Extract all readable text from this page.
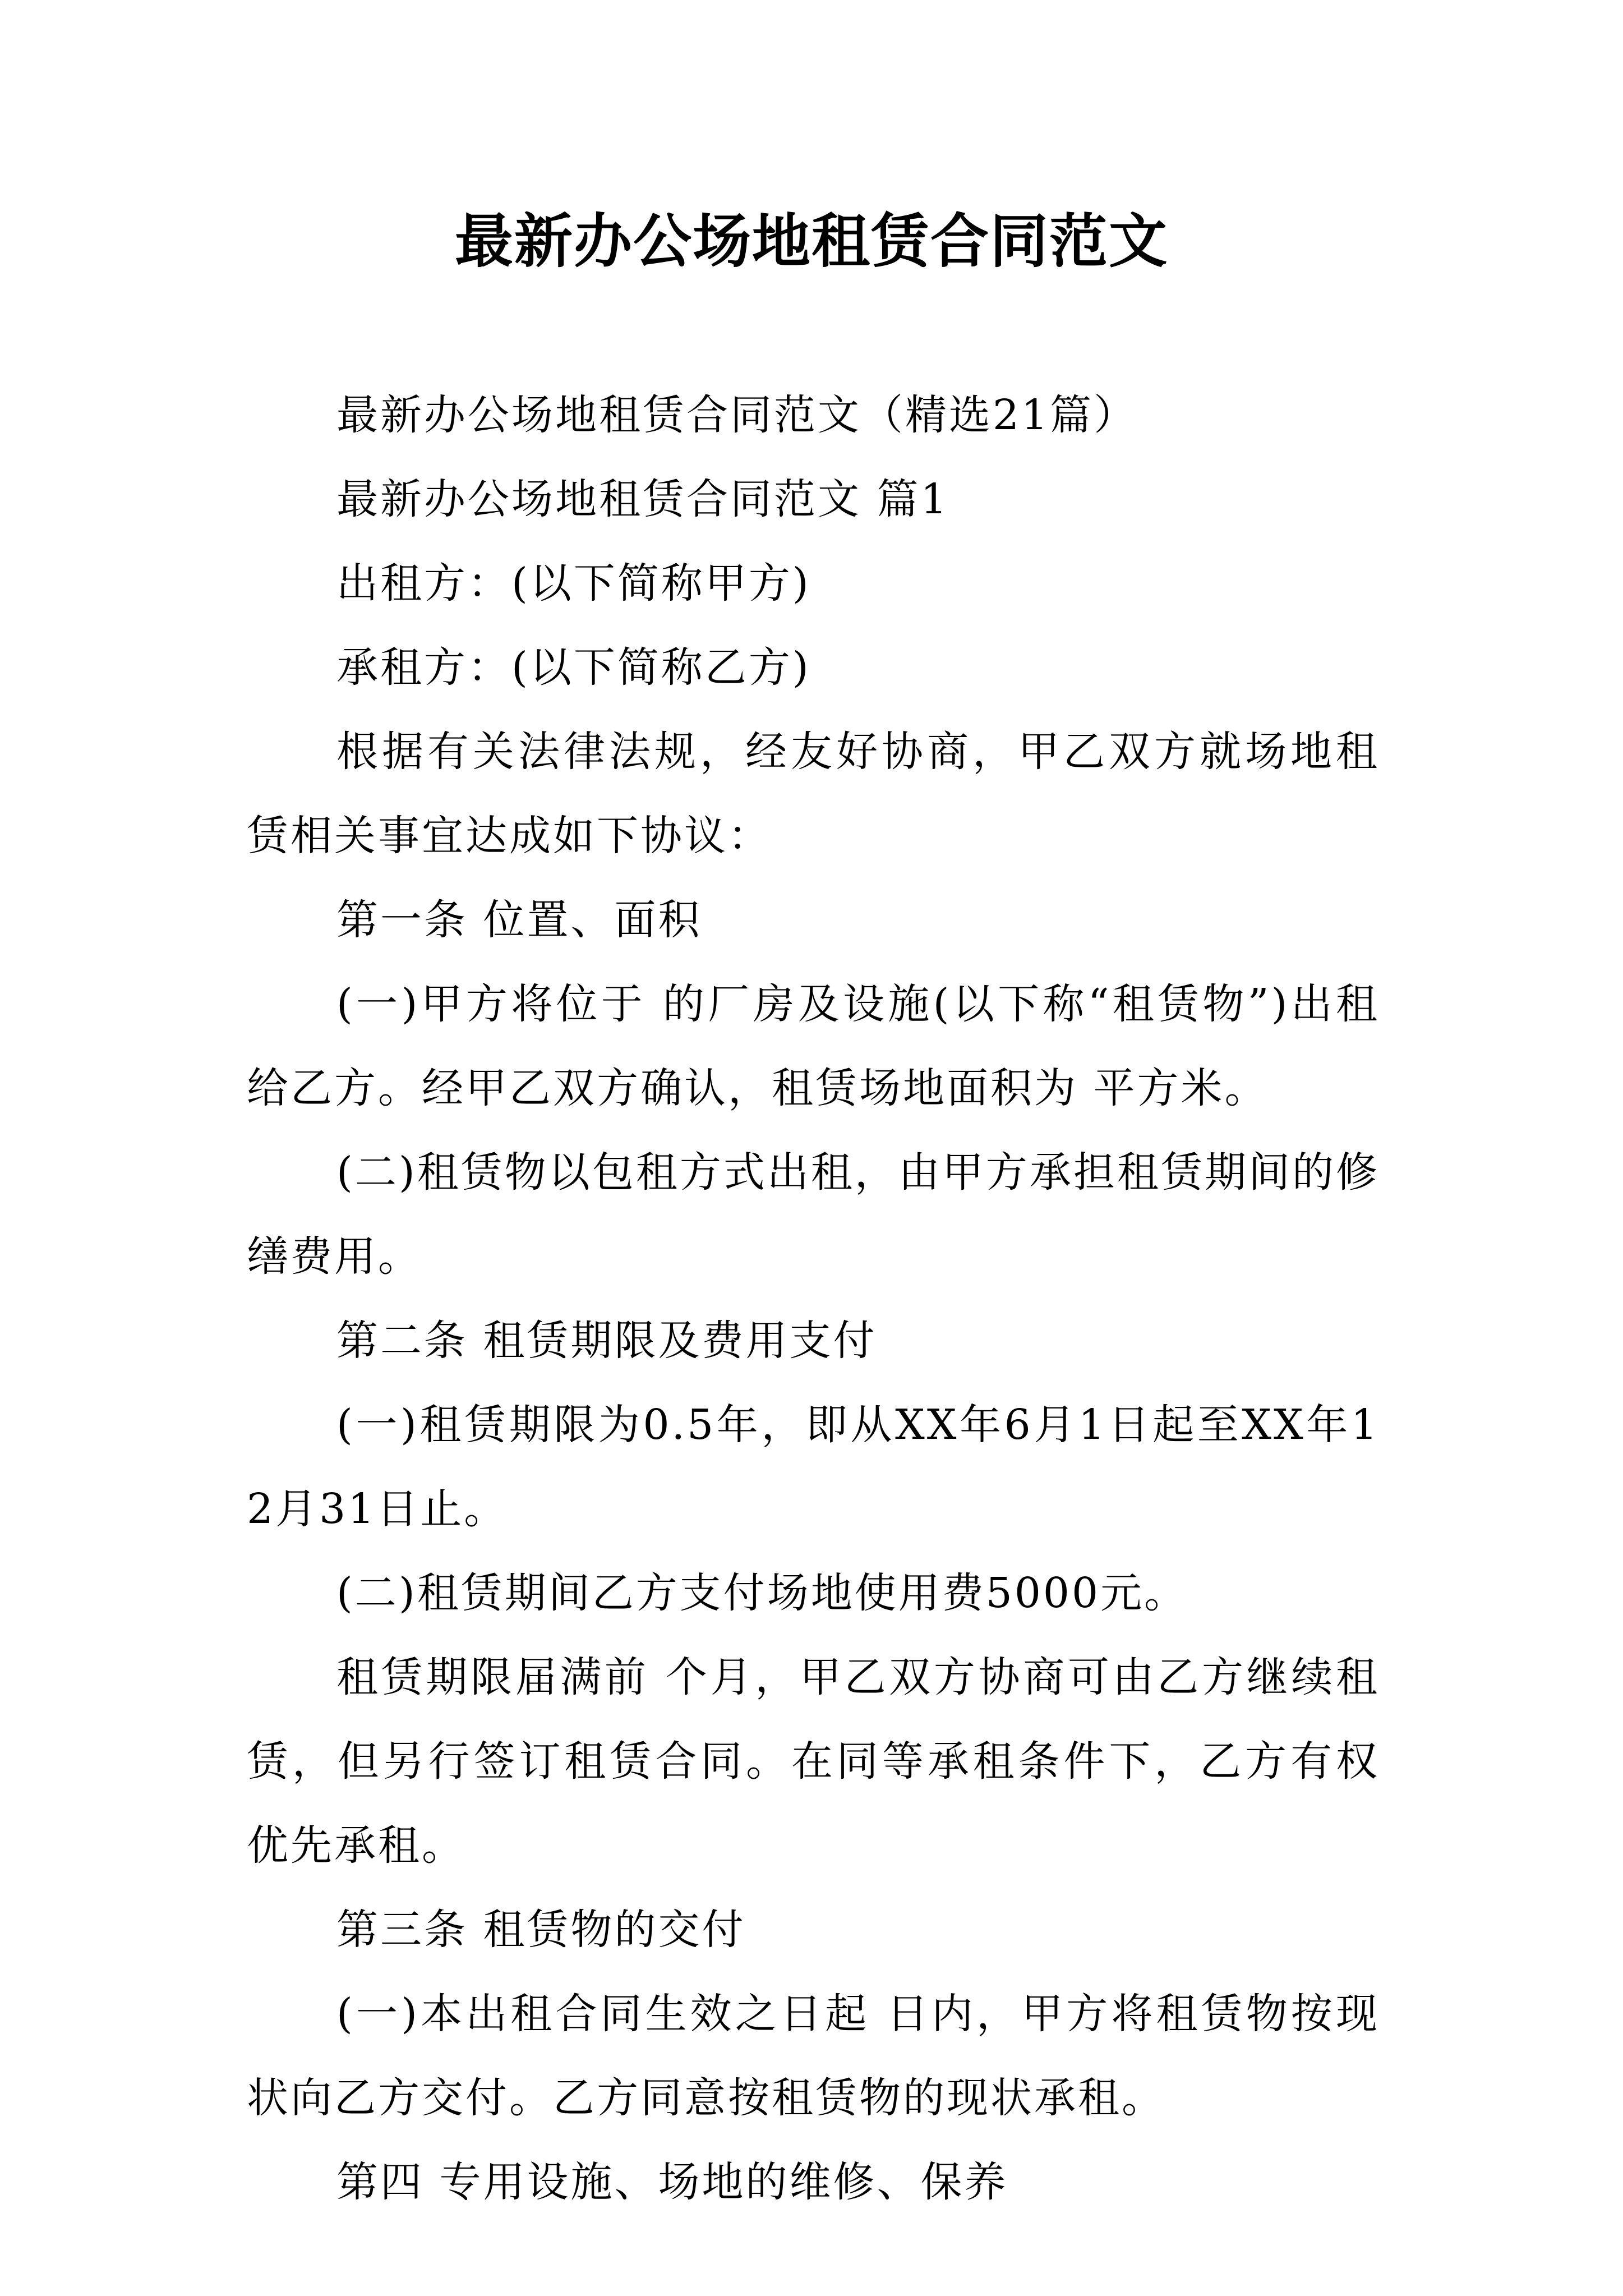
最新办公场地租赁合同范文

最新办公场地租赁合同范文（精选21篇）

最新办公场地租赁合同范文 篇1

出租方：(以下简称甲方)

承租方：(以下简称乙方)

根据有关法律法规，经友好协商，甲乙双方就场地租赁相关事宜达成如下协议：

第一条 位置、面积

(一)甲方将位于 的厂房及设施(以下称“租赁物”)出租给乙方。经甲乙双方确认，租赁场地面积为 平方米。

(二)租赁物以包租方式出租，由甲方承担租赁期间的修缮费用。

第二条 租赁期限及费用支付

(一)租赁期限为0.5年，即从XX年6月1日起至XX年12月31日止。

(二)租赁期间乙方支付场地使用费5000元。

租赁期限届满前 个月，甲乙双方协商可由乙方继续租赁，但另行签订租赁合同。在同等承租条件下，乙方有权优先承租。

第三条 租赁物的交付

(一)本出租合同生效之日起 日内，甲方将租赁物按现状向乙方交付。乙方同意按租赁物的现状承租。

第四 专用设施、场地的维修、保养
